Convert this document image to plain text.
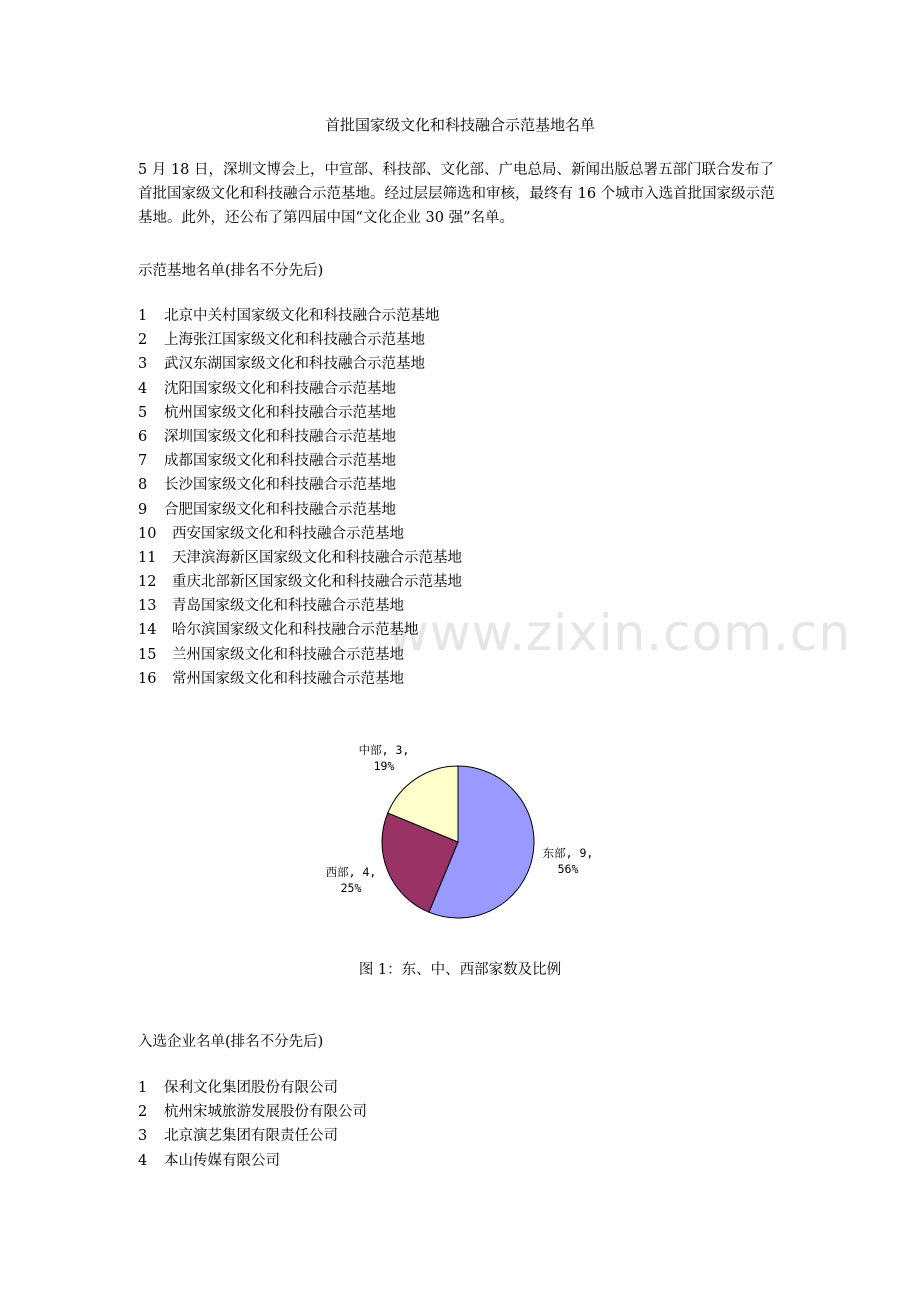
www.zixin.com.cn
首批国家级文化和科技融合示范基地名单

5 月 18 日，深圳文博会上，中宣部、科技部、文化部、广电总局、新闻出版总署五部门联合发布了首批国家级文化和科技融合示范基地。经过层层筛选和审核，最终有 16 个城市入选首批国家级示范基地。此外，还公布了第四届中国“文化企业 30 强”名单。

示范基地名单(排名不分先后)
1 北京中关村国家级文化和科技融合示范基地
2 上海张江国家级文化和科技融合示范基地
3 武汉东湖国家级文化和科技融合示范基地
4 沈阳国家级文化和科技融合示范基地
5 杭州国家级文化和科技融合示范基地
6 深圳国家级文化和科技融合示范基地
7 成都国家级文化和科技融合示范基地
8 长沙国家级文化和科技融合示范基地
9 合肥国家级文化和科技融合示范基地
10 西安国家级文化和科技融合示范基地
11 天津滨海新区国家级文化和科技融合示范基地
12 重庆北部新区国家级文化和科技融合示范基地
13 青岛国家级文化和科技融合示范基地
14 哈尔滨国家级文化和科技融合示范基地
15 兰州国家级文化和科技融合示范基地
16 常州国家级文化和科技融合示范基地
东部, 9,
56%
西部, 4,
25%
中部, 3,
19%
图 1：东、中、西部家数及比例
入选企业名单(排名不分先后)
1 保利文化集团股份有限公司
2 杭州宋城旅游发展股份有限公司
3 北京演艺集团有限责任公司
4 本山传媒有限公司
